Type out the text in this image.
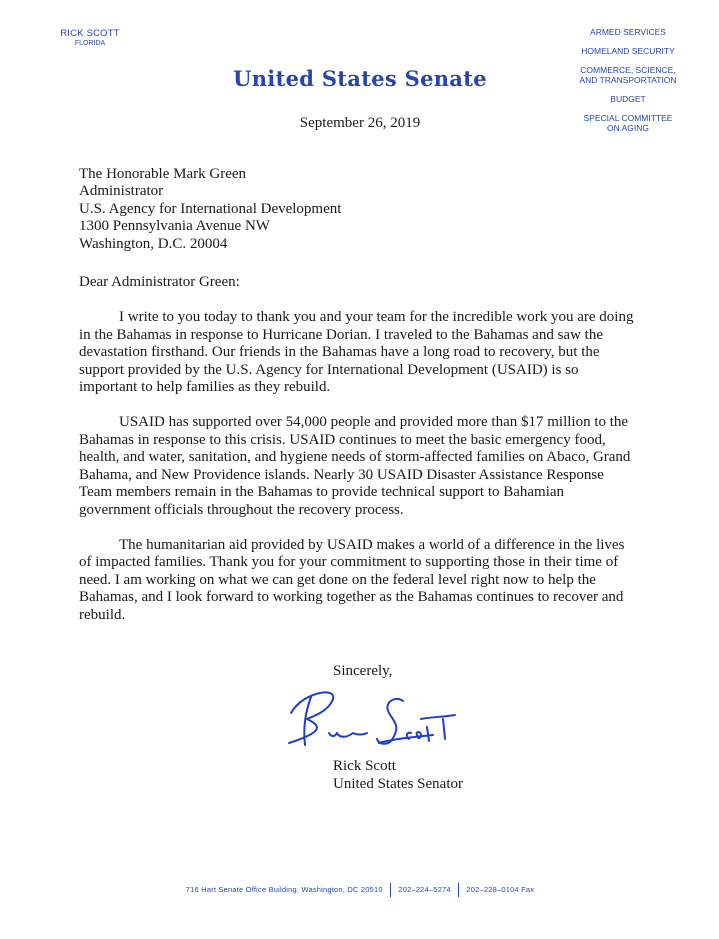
RICK SCOTT
FLORIDA
United States Senate
ARMED SERVICES
HOMELAND SECURITY
COMMERCE, SCIENCE, AND TRANSPORTATION
BUDGET
SPECIAL COMMITTEE ON AGING
September 26, 2019
The Honorable Mark Green
Administrator
U.S. Agency for International Development
1300 Pennsylvania Avenue NW
Washington, D.C. 20004
Dear Administrator Green:

I write to you today to thank you and your team for the incredible work you are doing in the Bahamas in response to Hurricane Dorian. I traveled to the Bahamas and saw the devastation firsthand. Our friends in the Bahamas have a long road to recovery, but the support provided by the U.S. Agency for International Development (USAID) is so important to help families as they rebuild.

USAID has supported over 54,000 people and provided more than $17 million to the Bahamas in response to this crisis. USAID continues to meet the basic emergency food, health, and water, sanitation, and hygiene needs of storm-affected families on Abaco, Grand Bahama, and New Providence islands. Nearly 30 USAID Disaster Assistance Response Team members remain in the Bahamas to provide technical support to Bahamian government officials throughout the recovery process.

The humanitarian aid provided by USAID makes a world of a difference in the lives of impacted families. Thank you for your commitment to supporting those in their time of need. I am working on what we can get done on the federal level right now to help the Bahamas, and I look forward to working together as the Bahamas continues to recover and rebuild.

Sincerely,
Rick Scott
United States Senator
716 Hart Senate Office Building, Washington, DC 20510 202–224–5274 202–228–0104 Fax
